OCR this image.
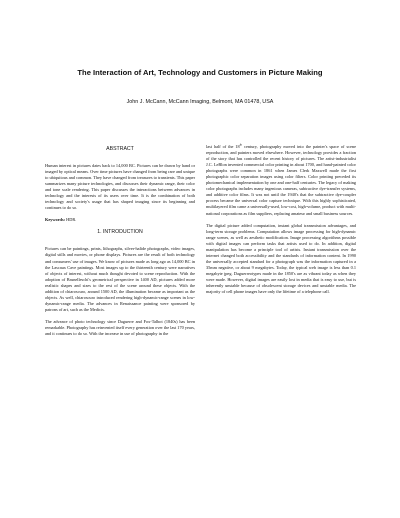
The Interaction of Art, Technology and Customers in Picture Making
John J. McCann, McCann Imaging, Belmont, MA 01478, USA
ABSTRACT

Human interest in pictures dates back to 14,000 BC. Pictures can be drawn by hand or imaged by optical means. Over time pictures have changed from being rare and unique to ubiquitous and common. They have changed from treasures to transients. This paper summarizes many picture technologies, and discusses their dynamic range, their color and tone scale rendering. This paper discusses the interactions between advances in technology and the interests of its users over time. It is the combination of both technology and society's usage that has shaped imaging since its beginning and continues to do so.

Keywords: HDR.

1. INTRODUCTION

Pictures can be paintings, prints, lithographs, silver-halide photographs, video images, digital stills and movies, or phone displays. Pictures are the result of both technology and consumers' use of images. We know of pictures made as long ago as 14,000 BC in the Lascaux Cave paintings. Most images up to the thirteenth century were narratives of objects of interest, without much thought devoted to scene reproduction. With the adoption of Brunelleschi's geometrical perspective in 1400 AD, pictures added more realistic shapes and sizes to the rest of the scene around these objects. With the addition of chiaroscuro, around 1500 AD, the illumination became as important as the objects. As well, chiaroscuro introduced rendering high-dynamic-range scenes in low-dynamic-range media. The advances in Renaissance painting were sponsored by patrons of art, such as the Medicis.

The advance of photo technology since Daguerre and Fox-Talbot (1840s) has been remarkable. Photography has reinvented itself every generation over the last 170 years, and it continues to do so. With the increase in use of photography in the

last half of the 18th century, photography moved into the painter's space of scene reproduction, and painters moved elsewhere. However, technology provides a fraction of the story that has controlled the recent history of pictures. The artist-industrialist J.C. LeBlon invented commercial color printing in about 1700, and hand-painted color photographs were common in 1861 when James Clerk Maxwell made the first photographic color separation images using color filters. Color printing preceded its photomechanical implementation by one and one-half centuries. The legacy of making color photographs includes many ingenious cameras, subtractive dye-transfer systems, and additive color films. It was not until the 1940's that the subtractive dye-coupler process became the universal color capture technique. With this highly sophisticated, multilayered film came a universally-used, low-cost, high-volume, product with multi-national corporations as film suppliers, replacing amateur and small business sources.

The digital picture added computation, instant global transmission advantages, and long-term storage problems. Computation allows image processing for high-dynamic range scenes, as well as aesthetic modification. Image processing algorithms possible with digital images can perform tasks that artists used to do. In addition, digital manipulation has become a principle tool of artists. Instant transmission over the internet changed both accessibility and the standards of information content. In 1990 the universally accepted standard for a photograph was the information captured in a 35mm negative, or about 9 megabytes. Today, the typical web image is less than 0.1 megabyte jpeg. Daguerreotypes made in the 1850's are as vibrant today as when they were made. However, digital images are easily lost in media that is easy to use, but is inherently unstable because of obsolescent storage devices and unstable media. The majority of cell phone images have only the lifetime of a telephone call.
